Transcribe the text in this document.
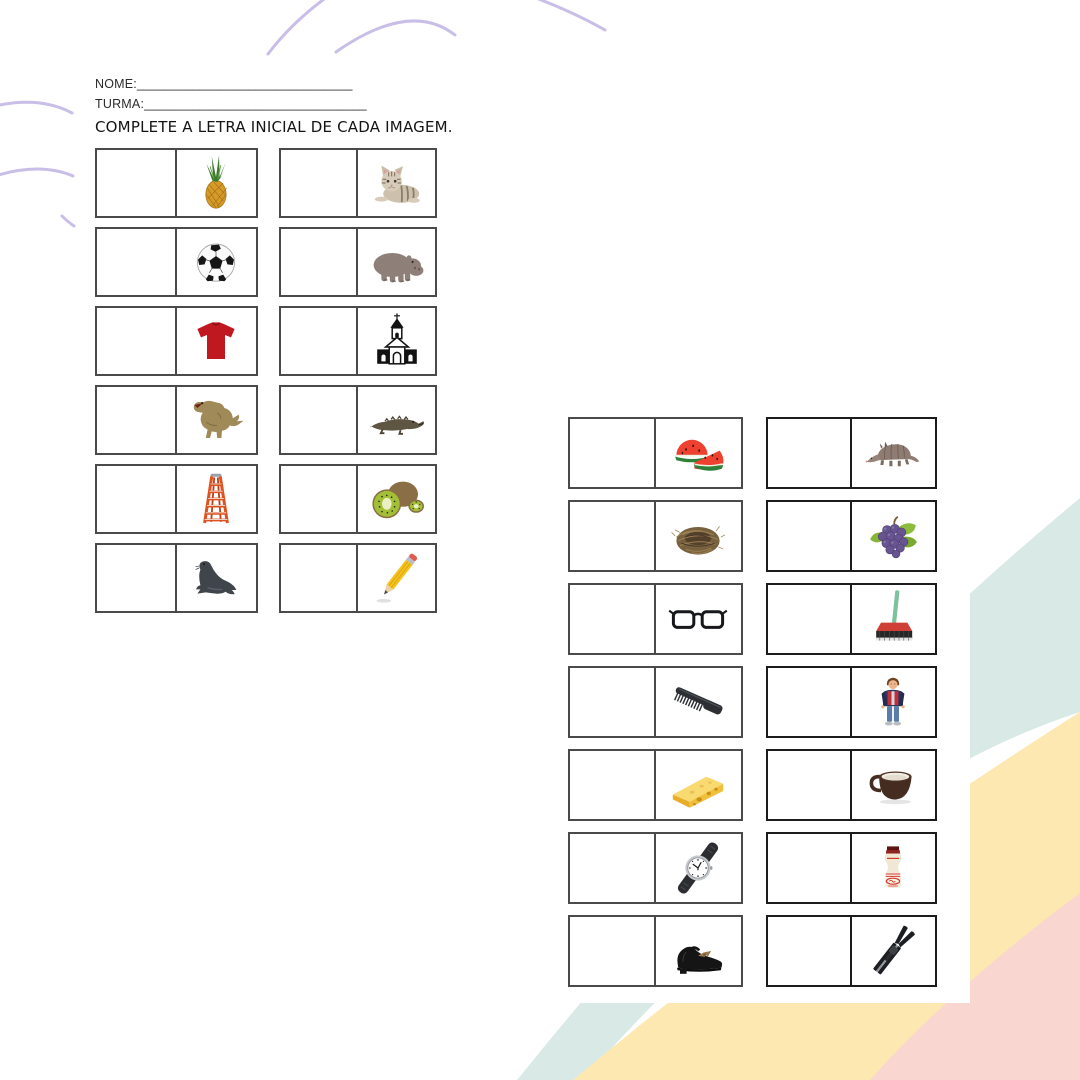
NOME:_______________________________
TURMA:________________________________
COMPLETE A LETRA INICIAL DE CADA IMAGEM.
